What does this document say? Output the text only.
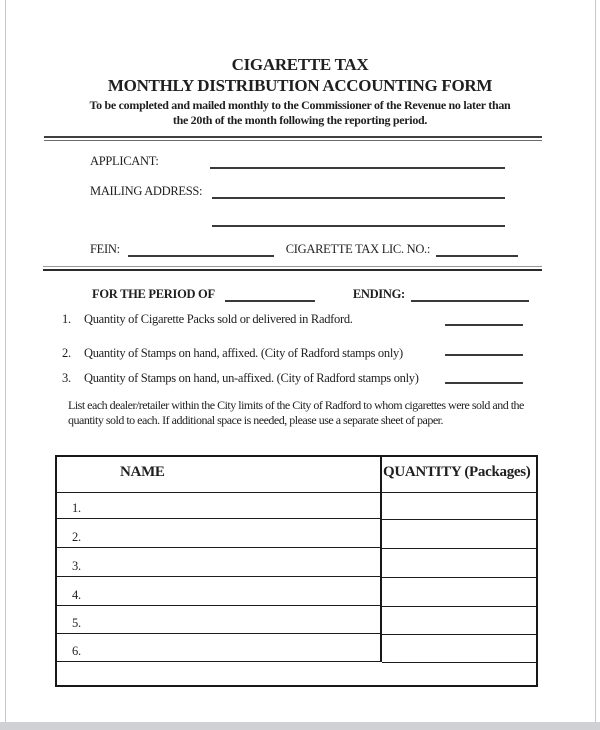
CIGARETTE TAX
MONTHLY DISTRIBUTION ACCOUNTING FORM
To be completed and mailed monthly to the Commissioner of the Revenue no later than
the 20th of the month following the reporting period.
APPLICANT:
MAILING ADDRESS:
FEIN:	CIGARETTE TAX LIC. NO.:
FOR THE PERIOD OF	ENDING:
1.	Quantity of Cigarette Packs sold or delivered in Radford.
2.	Quantity of Stamps on hand, affixed. (City of Radford stamps only)
3.	Quantity of Stamps on hand, un-affixed. (City of Radford stamps only)
List each dealer/retailer within the City limits of the City of Radford to whom cigarettes were sold and the
quantity sold to each. If additional space is needed, please use a separate sheet of paper.
NAME	QUANTITY (Packages)
1.
2.
3.
4.
5.
6.
